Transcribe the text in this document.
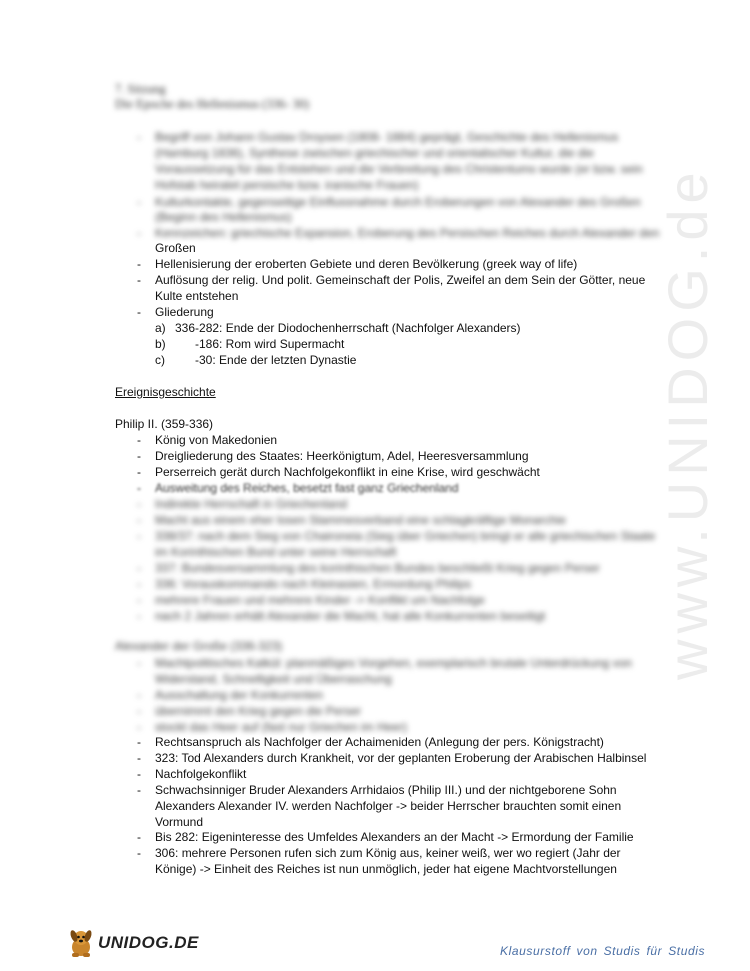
www.UNIDOG.de
7. Sitzung
Die Epoche des Hellenismus (336- 30)
- Begriff von Johann Gustav Droysen (1808- 1884) geprägt, Geschichte des Hellenismus
(Hamburg 1836), Synthese zwischen griechischer und orientalischer Kultur, die die
Voraussetzung für das Entstehen und die Verbreitung des Christentums wurde (er bzw. sein
Hofstab heiratet persische bzw. iranische Frauen)
- Kulturkontakte, gegenseitige Einflussnahme durch Eroberungen von Alexander des Großen
(Beginn des Hellenismus)
- Kennzeichen: griechische Expansion, Eroberung des Persischen Reiches durch Alexander den
Großen
- Hellenisierung der eroberten Gebiete und deren Bevölkerung (greek way of life)
- Auflösung der relig. Und polit. Gemeinschaft der Polis, Zweifel an dem Sein der Götter, neue
Kulte entstehen
- Gliederung
a) 336-282: Ende der Diodochenherrschaft (Nachfolger Alexanders)
b) -186: Rom wird Supermacht
c)	-30: Ende der letzten Dynastie
Ereignisgeschichte
Philip II. (359-336)
- König von Makedonien
- Dreigliederung des Staates: Heerkönigtum, Adel, Heeresversammlung
- Perserreich gerät durch Nachfolgekonflikt in eine Krise, wird geschwächt
- Ausweitung des Reiches, besetzt fast ganz Griechenland
- Indirekte Herrschaft in Griechenland
- Macht aus einem eher losen Stammesverband eine schlagkräftige Monarchie
- 338/37: nach dem Sieg von Chaironeia (Sieg über Griechen) bringt er alle griechischen Staate
im Korinthischen Bund unter seine Herrschaft
- 337: Bundesversammlung des korinthischen Bundes beschließt Krieg gegen Perser
- 336: Vorauskommando nach Kleinasien, Ermordung Philips
- mehrere Frauen und mehrere Kinder -> Konflikt um Nachfolge
- nach 2 Jahren erhält Alexander die Macht, hat alle Konkurrenten beseitigt
Alexander der Große (336-323)
- Machtpolitisches Kalkül: planmäßiges Vorgehen, exemplarisch brutale Unterdrückung von
Widerstand, Schnelligkeit und Überraschung
- Ausschaltung der Konkurrenten
- übernimmt den Krieg gegen die Perser
- stockt das Heer auf (fast nur Griechen im Heer)
- Rechtsanspruch als Nachfolger der Achaimeniden (Anlegung der pers. Königstracht)
- 323: Tod Alexanders durch Krankheit, vor der geplanten Eroberung der Arabischen Halbinsel
- Nachfolgekonflikt
- Schwachsinniger Bruder Alexanders Arrhidaios (Philip III.) und der nichtgeborene Sohn
Alexanders Alexander IV. werden Nachfolger -> beider Herrscher brauchten somit einen
Vormund
- Bis 282: Eigeninteresse des Umfeldes Alexanders an der Macht -> Ermordung der Familie
- 306: mehrere Personen rufen sich zum König aus, keiner weiß, wer wo regiert (Jahr der
Könige) -> Einheit des Reiches ist nun unmöglich, jeder hat eigene Machtvorstellungen
UNIDOG.DE	Klausurstoff von Studis für Studis
